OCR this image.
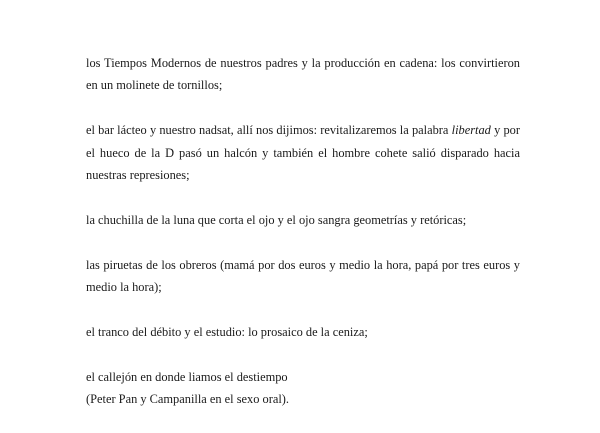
los Tiempos Modernos de nuestros padres y la producción en cadena: los convirtieron
en un molinete de tornillos;

el bar lácteo y nuestro nadsat, allí nos dijimos: revitalizaremos la palabra libertad y por
el hueco de la D pasó un halcón y también el hombre cohete salió disparado hacia
nuestras represiones;

la chuchilla de la luna que corta el ojo y el ojo sangra geometrías y retóricas;

las piruetas de los obreros (mamá por dos euros y medio la hora, papá por tres euros y
medio la hora);

el tranco del débito y el estudio: lo prosaico de la ceniza;

el callejón en donde liamos el destiempo
(Peter Pan y Campanilla en el sexo oral).
